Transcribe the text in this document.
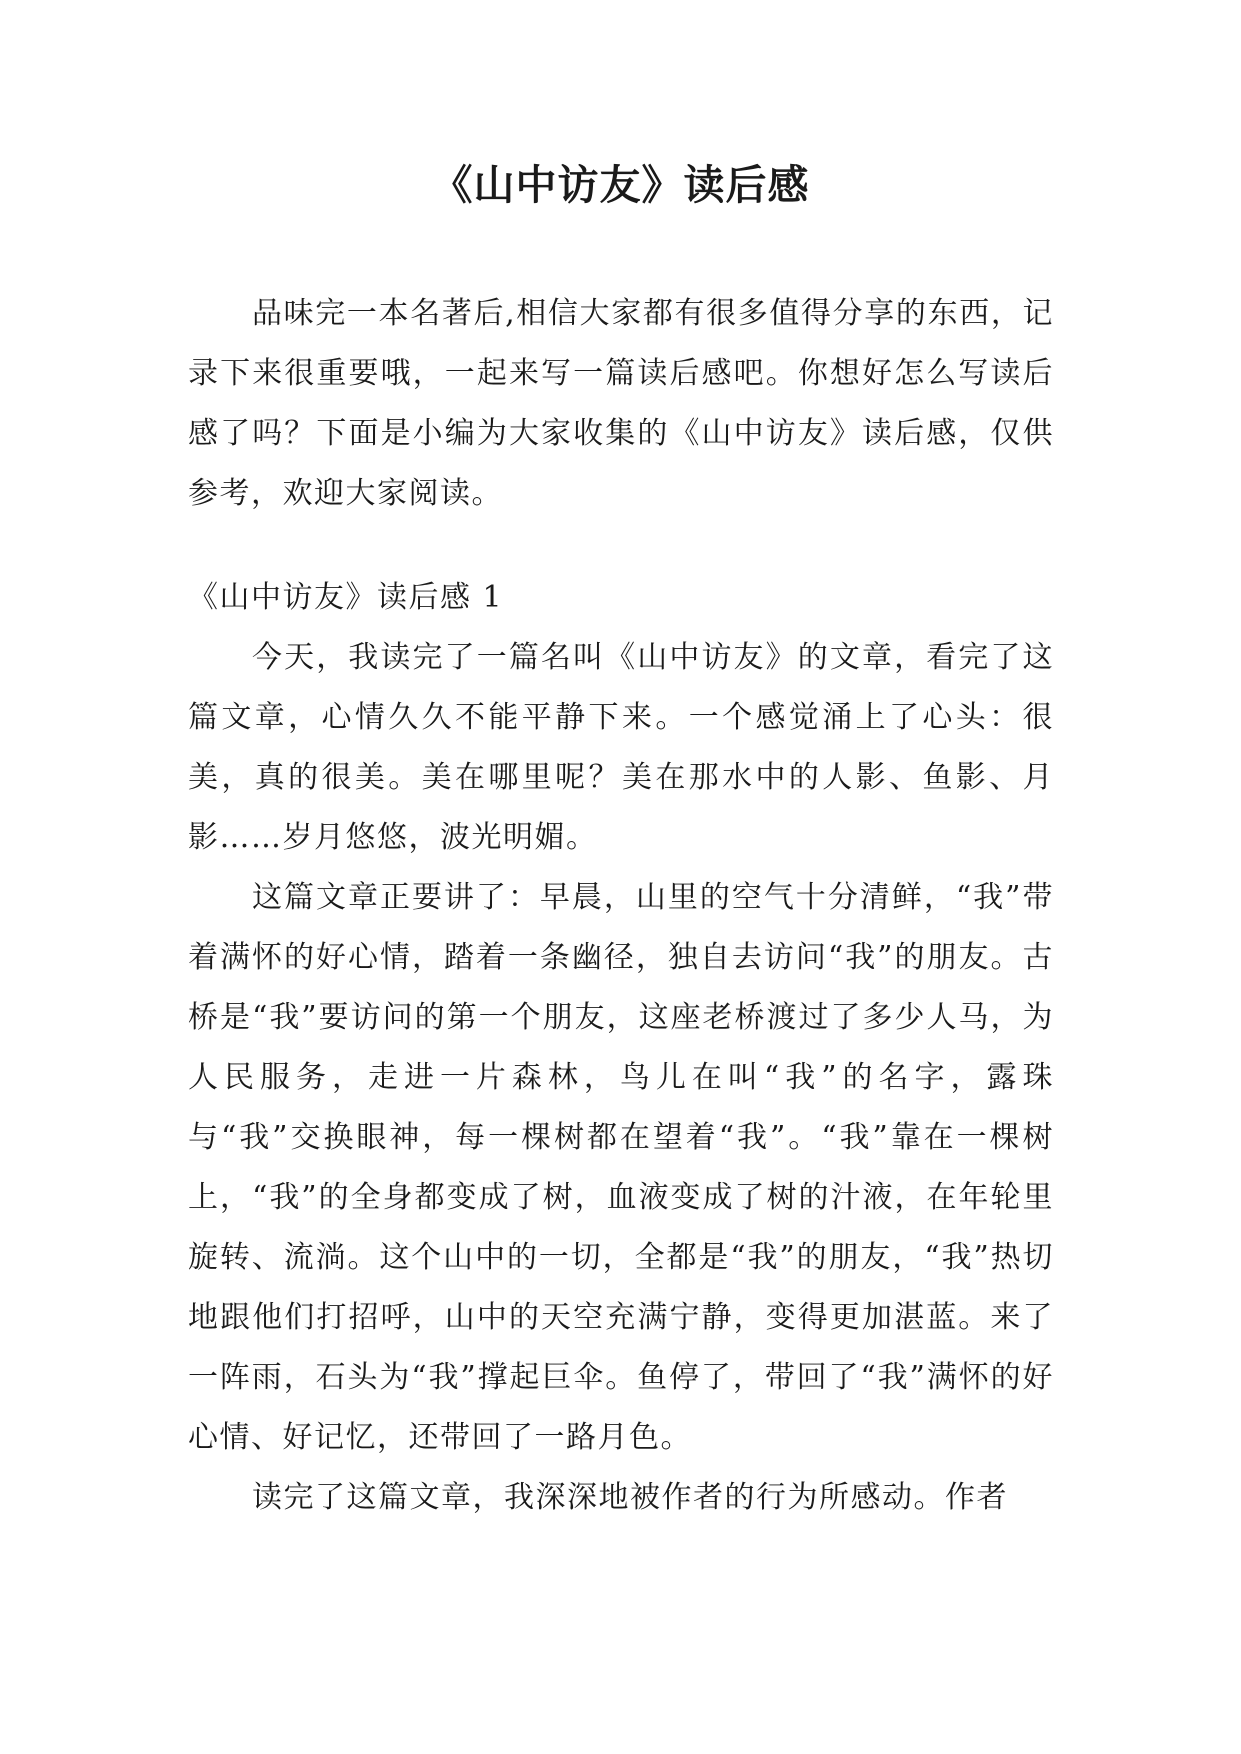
《山中访友》读后感

品味完一本名著后,相信大家都有很多值得分享的东西，记录下来很重要哦，一起来写一篇读后感吧。你想好怎么写读后感了吗？下面是小编为大家收集的《山中访友》读后感，仅供参考，欢迎大家阅读。

《山中访友》读后感 1

今天，我读完了一篇名叫《山中访友》的文章，看完了这篇文章，心情久久不能平静下来。一个感觉涌上了心头：很美，真的很美。美在哪里呢？美在那水中的人影、鱼影、月影……岁月悠悠，波光明媚。

这篇文章正要讲了：早晨，山里的空气十分清鲜，“我”带着满怀的好心情，踏着一条幽径，独自去访问“我”的朋友。古桥是“我”要访问的第一个朋友，这座老桥渡过了多少人马，为人民服务，走进一片森林，鸟儿在叫“我”的名字，露珠与“我”交换眼神，每一棵树都在望着“我”。“我”靠在一棵树上，“我”的全身都变成了树，血液变成了树的汁液，在年轮里旋转、流淌。这个山中的一切，全都是“我”的朋友，“我”热切地跟他们打招呼，山中的天空充满宁静，变得更加湛蓝。来了一阵雨，石头为“我”撑起巨伞。鱼停了，带回了“我”满怀的好心情、好记忆，还带回了一路月色。

读完了这篇文章，我深深地被作者的行为所感动。作者
